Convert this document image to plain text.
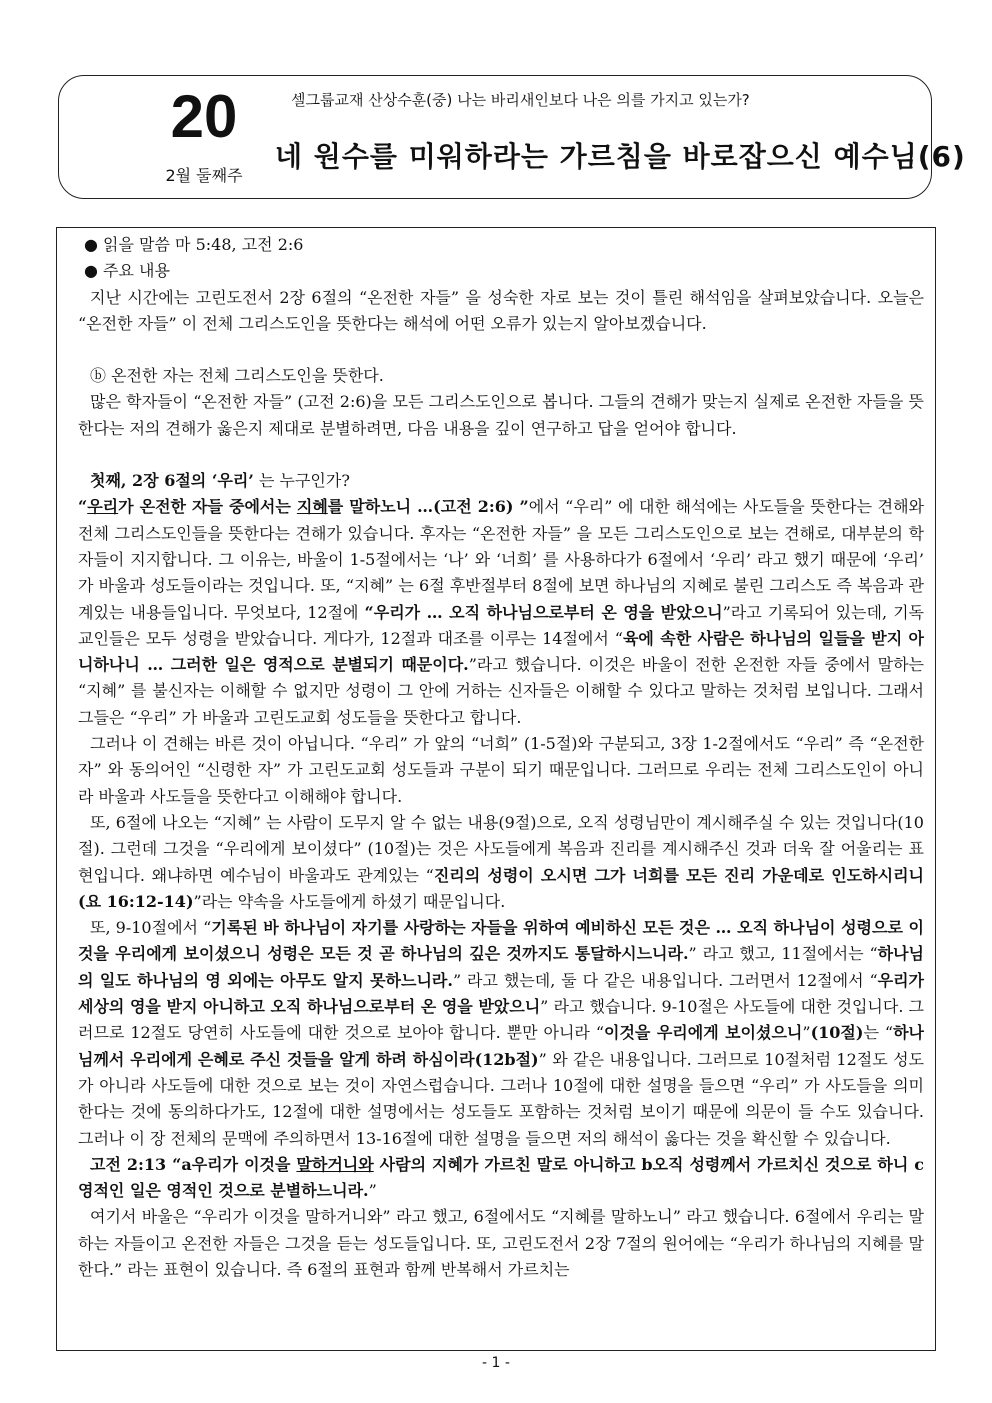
20
2월 둘째주
셀그룹교재 산상수훈(중) 나는 바리새인보다 나은 의를 가지고 있는가?
네 원수를 미워하라는 가르침을 바로잡으신 예수님(6)

● 읽을 말씀 마 5:48, 고전 2:6

● 주요 내용

지난 시간에는 고린도전서 2장 6절의 “온전한 자들” 을 성숙한 자로 보는 것이 틀린 해석임을 살펴보았습니다. 오늘은 “온전한 자들” 이 전체 그리스도인을 뜻한다는 해석에 어떤 오류가 있는지 알아보겠습니다.

ⓑ 온전한 자는 전체 그리스도인을 뜻한다.

많은 학자들이 “온전한 자들” (고전 2:6)을 모든 그리스도인으로 봅니다. 그들의 견해가 맞는지 실제로 온전한 자들을 뜻한다는 저의 견해가 옳은지 제대로 분별하려면, 다음 내용을 깊이 연구하고 답을 얻어야 합니다.

첫째, 2장 6절의 ‘우리’ 는 누구인가?

“우리가 온전한 자들 중에서는 지혜를 말하노니 …(고전 2:6) ”에서 “우리” 에 대한 해석에는 사도들을 뜻한다는 견해와 전체 그리스도인들을 뜻한다는 견해가 있습니다. 후자는 “온전한 자들” 을 모든 그리스도인으로 보는 견해로, 대부분의 학자들이 지지합니다. 그 이유는, 바울이 1-5절에서는 ‘나’ 와 ‘너희’ 를 사용하다가 6절에서 ‘우리’ 라고 했기 때문에 ‘우리’ 가 바울과 성도들이라는 것입니다. 또, “지혜” 는 6절 후반절부터 8절에 보면 하나님의 지혜로 불린 그리스도 즉 복음과 관계있는 내용들입니다. 무엇보다, 12절에 “우리가 … 오직 하나님으로부터 온 영을 받았으니”라고 기록되어 있는데, 기독교인들은 모두 성령을 받았습니다. 게다가, 12절과 대조를 이루는 14절에서 “육에 속한 사람은 하나님의 일들을 받지 아니하나니 … 그러한 일은 영적으로 분별되기 때문이다.”라고 했습니다. 이것은 바울이 전한 온전한 자들 중에서 말하는 “지혜” 를 불신자는 이해할 수 없지만 성령이 그 안에 거하는 신자들은 이해할 수 있다고 말하는 것처럼 보입니다. 그래서 그들은 “우리” 가 바울과 고린도교회 성도들을 뜻한다고 합니다.

그러나 이 견해는 바른 것이 아닙니다. “우리” 가 앞의 “너희” (1-5절)와 구분되고, 3장 1-2절에서도 “우리” 즉 “온전한 자” 와 동의어인 “신령한 자” 가 고린도교회 성도들과 구분이 되기 때문입니다. 그러므로 우리는 전체 그리스도인이 아니라 바울과 사도들을 뜻한다고 이해해야 합니다.

또, 6절에 나오는 “지혜” 는 사람이 도무지 알 수 없는 내용(9절)으로, 오직 성령님만이 계시해주실 수 있는 것입니다(10절). 그런데 그것을 “우리에게 보이셨다” (10절)는 것은 사도들에게 복음과 진리를 계시해주신 것과 더욱 잘 어울리는 표현입니다. 왜냐하면 예수님이 바울과도 관계있는 “진리의 성령이 오시면 그가 너희를 모든 진리 가운데로 인도하시리니(요 16:12-14)”라는 약속을 사도들에게 하셨기 때문입니다.

또, 9-10절에서 “기록된 바 하나님이 자기를 사랑하는 자들을 위하여 예비하신 모든 것은 … 오직 하나님이 성령으로 이것을 우리에게 보이셨으니 성령은 모든 것 곧 하나님의 깊은 것까지도 통달하시느니라.” 라고 했고, 11절에서는 “하나님의 일도 하나님의 영 외에는 아무도 알지 못하느니라.” 라고 했는데, 둘 다 같은 내용입니다. 그러면서 12절에서 “우리가 세상의 영을 받지 아니하고 오직 하나님으로부터 온 영을 받았으니” 라고 했습니다. 9-10절은 사도들에 대한 것입니다. 그러므로 12절도 당연히 사도들에 대한 것으로 보아야 합니다. 뿐만 아니라 “이것을 우리에게 보이셨으니”(10절)는 “하나님께서 우리에게 은혜로 주신 것들을 알게 하려 하심이라(12b절)” 와 같은 내용입니다. 그러므로 10절처럼 12절도 성도가 아니라 사도들에 대한 것으로 보는 것이 자연스럽습니다. 그러나 10절에 대한 설명을 들으면 “우리” 가 사도들을 의미한다는 것에 동의하다가도, 12절에 대한 설명에서는 성도들도 포함하는 것처럼 보이기 때문에 의문이 들 수도 있습니다. 그러나 이 장 전체의 문맥에 주의하면서 13-16절에 대한 설명을 들으면 저의 해석이 옳다는 것을 확신할 수 있습니다.

고전 2:13 “a우리가 이것을 말하거니와 사람의 지혜가 가르친 말로 아니하고 b오직 성령께서 가르치신 것으로 하니 c영적인 일은 영적인 것으로 분별하느니라.”

여기서 바울은 “우리가 이것을 말하거니와” 라고 했고, 6절에서도 “지혜를 말하노니” 라고 했습니다. 6절에서 우리는 말하는 자들이고 온전한 자들은 그것을 듣는 성도들입니다. 또, 고린도전서 2장 7절의 원어에는 “우리가 하나님의 지혜를 말한다.” 라는 표현이 있습니다. 즉 6절의 표현과 함께 반복해서 가르치는

- 1 -
